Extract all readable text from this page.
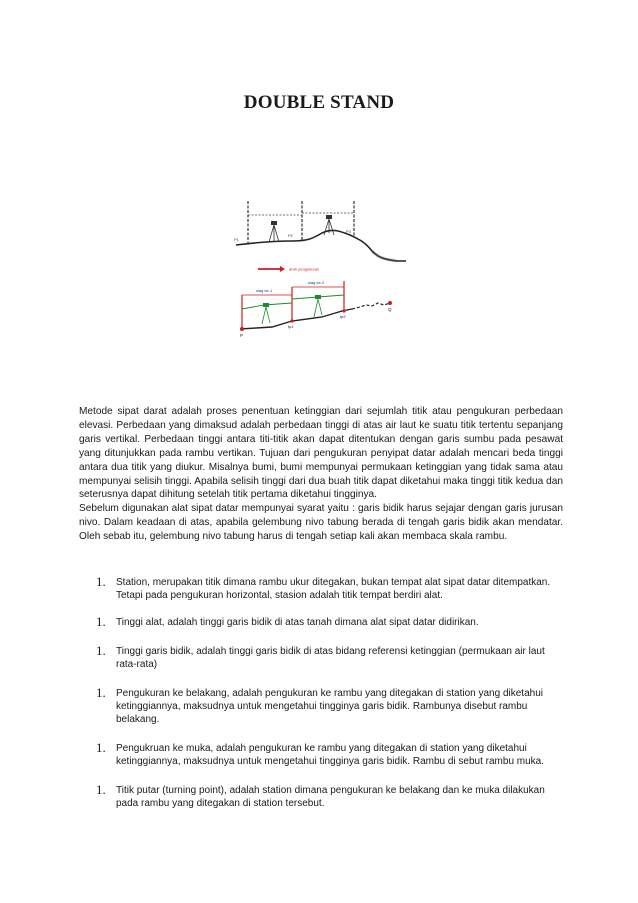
DOUBLE STAND
P1
P2
P3
arah pengukuran
slag ke-1
slag ke-2
P
tp1
tp2
Q

Metode sipat darat adalah proses penentuan ketinggian dari sejumlah titik atau pengukuran perbedaan elevasi. Perbedaan yang dimaksud adalah perbedaan tinggi di atas air laut ke suatu titik tertentu sepanjang garis vertikal. Perbedaan tinggi antara titi-titik akan dapat ditentukan dengan garis sumbu pada pesawat yang ditunjukkan pada rambu vertikan. Tujuan dari pengukuran penyipat datar adalah mencari beda tinggi antara dua titik yang diukur. Misalnya bumi, bumi mempunyai permukaan ketinggian yang tidak sama atau mempunyai selisih tinggi. Apabila selisih tinggi dari dua buah titik dapat diketahui maka tinggi titik kedua dan seterusnya dapat dihitung setelah titik pertama diketahui tingginya.

Sebelum digunakan alat sipat datar mempunyai syarat yaitu : garis bidik harus sejajar dengan garis jurusan nivo. Dalam keadaan di atas, apabila gelembung nivo tabung berada di tengah garis bidik akan mendatar. Oleh sebab itu, gelembung nivo tabung harus di tengah setiap kali akan membaca skala rambu.

1. Station, merupakan titik dimana rambu ukur ditegakan, bukan tempat alat sipat datar ditempatkan. Tetapi pada pengukuran horizontal, stasion adalah titik tempat berdiri alat.
1. Tinggi alat, adalah tinggi garis bidik di atas tanah dimana alat sipat datar didirikan.
1. Tinggi garis bidik, adalah tinggi garis bidik di atas bidang referensi ketinggian (permukaan air laut rata-rata)
1. Pengukuran ke belakang, adalah pengukuran ke rambu yang ditegakan di station yang diketahui ketinggiannya, maksudnya untuk mengetahui tingginya garis bidik. Rambunya disebut rambu belakang.
1. Pengukruan ke muka, adalah pengukuran ke rambu yang ditegakan di station yang diketahui ketinggiannya, maksudnya untuk mengetahui tingginya garis bidik. Rambu di sebut rambu muka.
1. Titik putar (turning point), adalah station dimana pengukuran ke belakang dan ke muka dilakukan pada rambu yang ditegakan di station tersebut.
